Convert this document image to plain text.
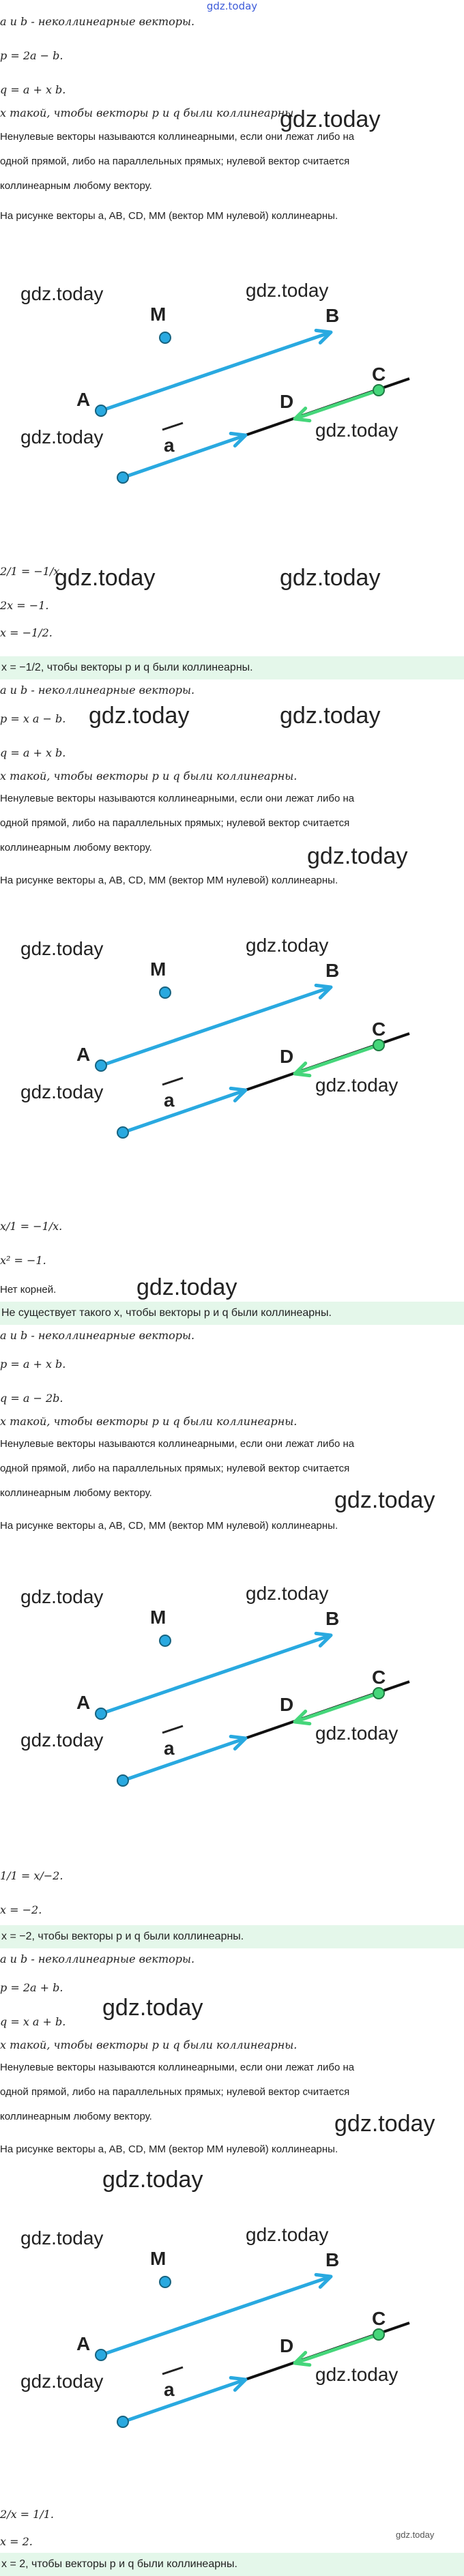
gdz.today
a и b - неколлинеарные векторы.
p = 2a − b.
q = a + x b.
x такой, чтобы векторы p и q были коллинеарны.
Ненулевые векторы называются коллинеарными, если они лежат либо на
одной прямой, либо на параллельных прямых; нулевой вектор считается
коллинеарным любому вектору.
На рисунке векторы a, AB, CD, MM (вектор MM нулевой) коллинеарны.
gdz.today
M
A
B
C
D
a
gdz.today	gdz.today
gdz.today	gdz.today
2/1 = −1/x.
2x = −1.
x = −1/2.
gdz.today	gdz.today
x = −1/2, чтобы векторы p и q были коллинеарны.
a и b - неколлинеарные векторы.
p = x a − b.
q = a + x b.
x такой, чтобы векторы p и q были коллинеарны.
Ненулевые векторы называются коллинеарными, если они лежат либо на
одной прямой, либо на параллельных прямых; нулевой вектор считается
коллинеарным любому вектору.
На рисунке векторы a, AB, CD, MM (вектор MM нулевой) коллинеарны.
gdz.today	gdz.today
gdz.today
M
A
B
C
D
a
gdz.today	gdz.today
gdz.today	gdz.today
x/1 = −1/x.
x² = −1.
Нет корней.	gdz.today
Не существует такого x, чтобы векторы p и q были коллинеарны.
a и b - неколлинеарные векторы.
p = a + x b.
q = a − 2b.
x такой, чтобы векторы p и q были коллинеарны.
Ненулевые векторы называются коллинеарными, если они лежат либо на
одной прямой, либо на параллельных прямых; нулевой вектор считается
коллинеарным любому вектору.
На рисунке векторы a, AB, CD, MM (вектор MM нулевой) коллинеарны.
gdz.today
M
A
B
C
D
a
gdz.today	gdz.today
gdz.today	gdz.today
1/1 = x/−2.
x = −2.
x = −2, чтобы векторы p и q были коллинеарны.
a и b - неколлинеарные векторы.
p = 2a + b.
q = x a + b.
x такой, чтобы векторы p и q были коллинеарны.
Ненулевые векторы называются коллинеарными, если они лежат либо на
одной прямой, либо на параллельных прямых; нулевой вектор считается
коллинеарным любому вектору.
На рисунке векторы a, AB, CD, MM (вектор MM нулевой) коллинеарны.
gdz.today
gdz.today
gdz.today
M
A
B
C
D
a
gdz.today	gdz.today
gdz.today	gdz.today
2/x = 1/1.
x = 2.
gdz.today
x = 2, чтобы векторы p и q были коллинеарны.
